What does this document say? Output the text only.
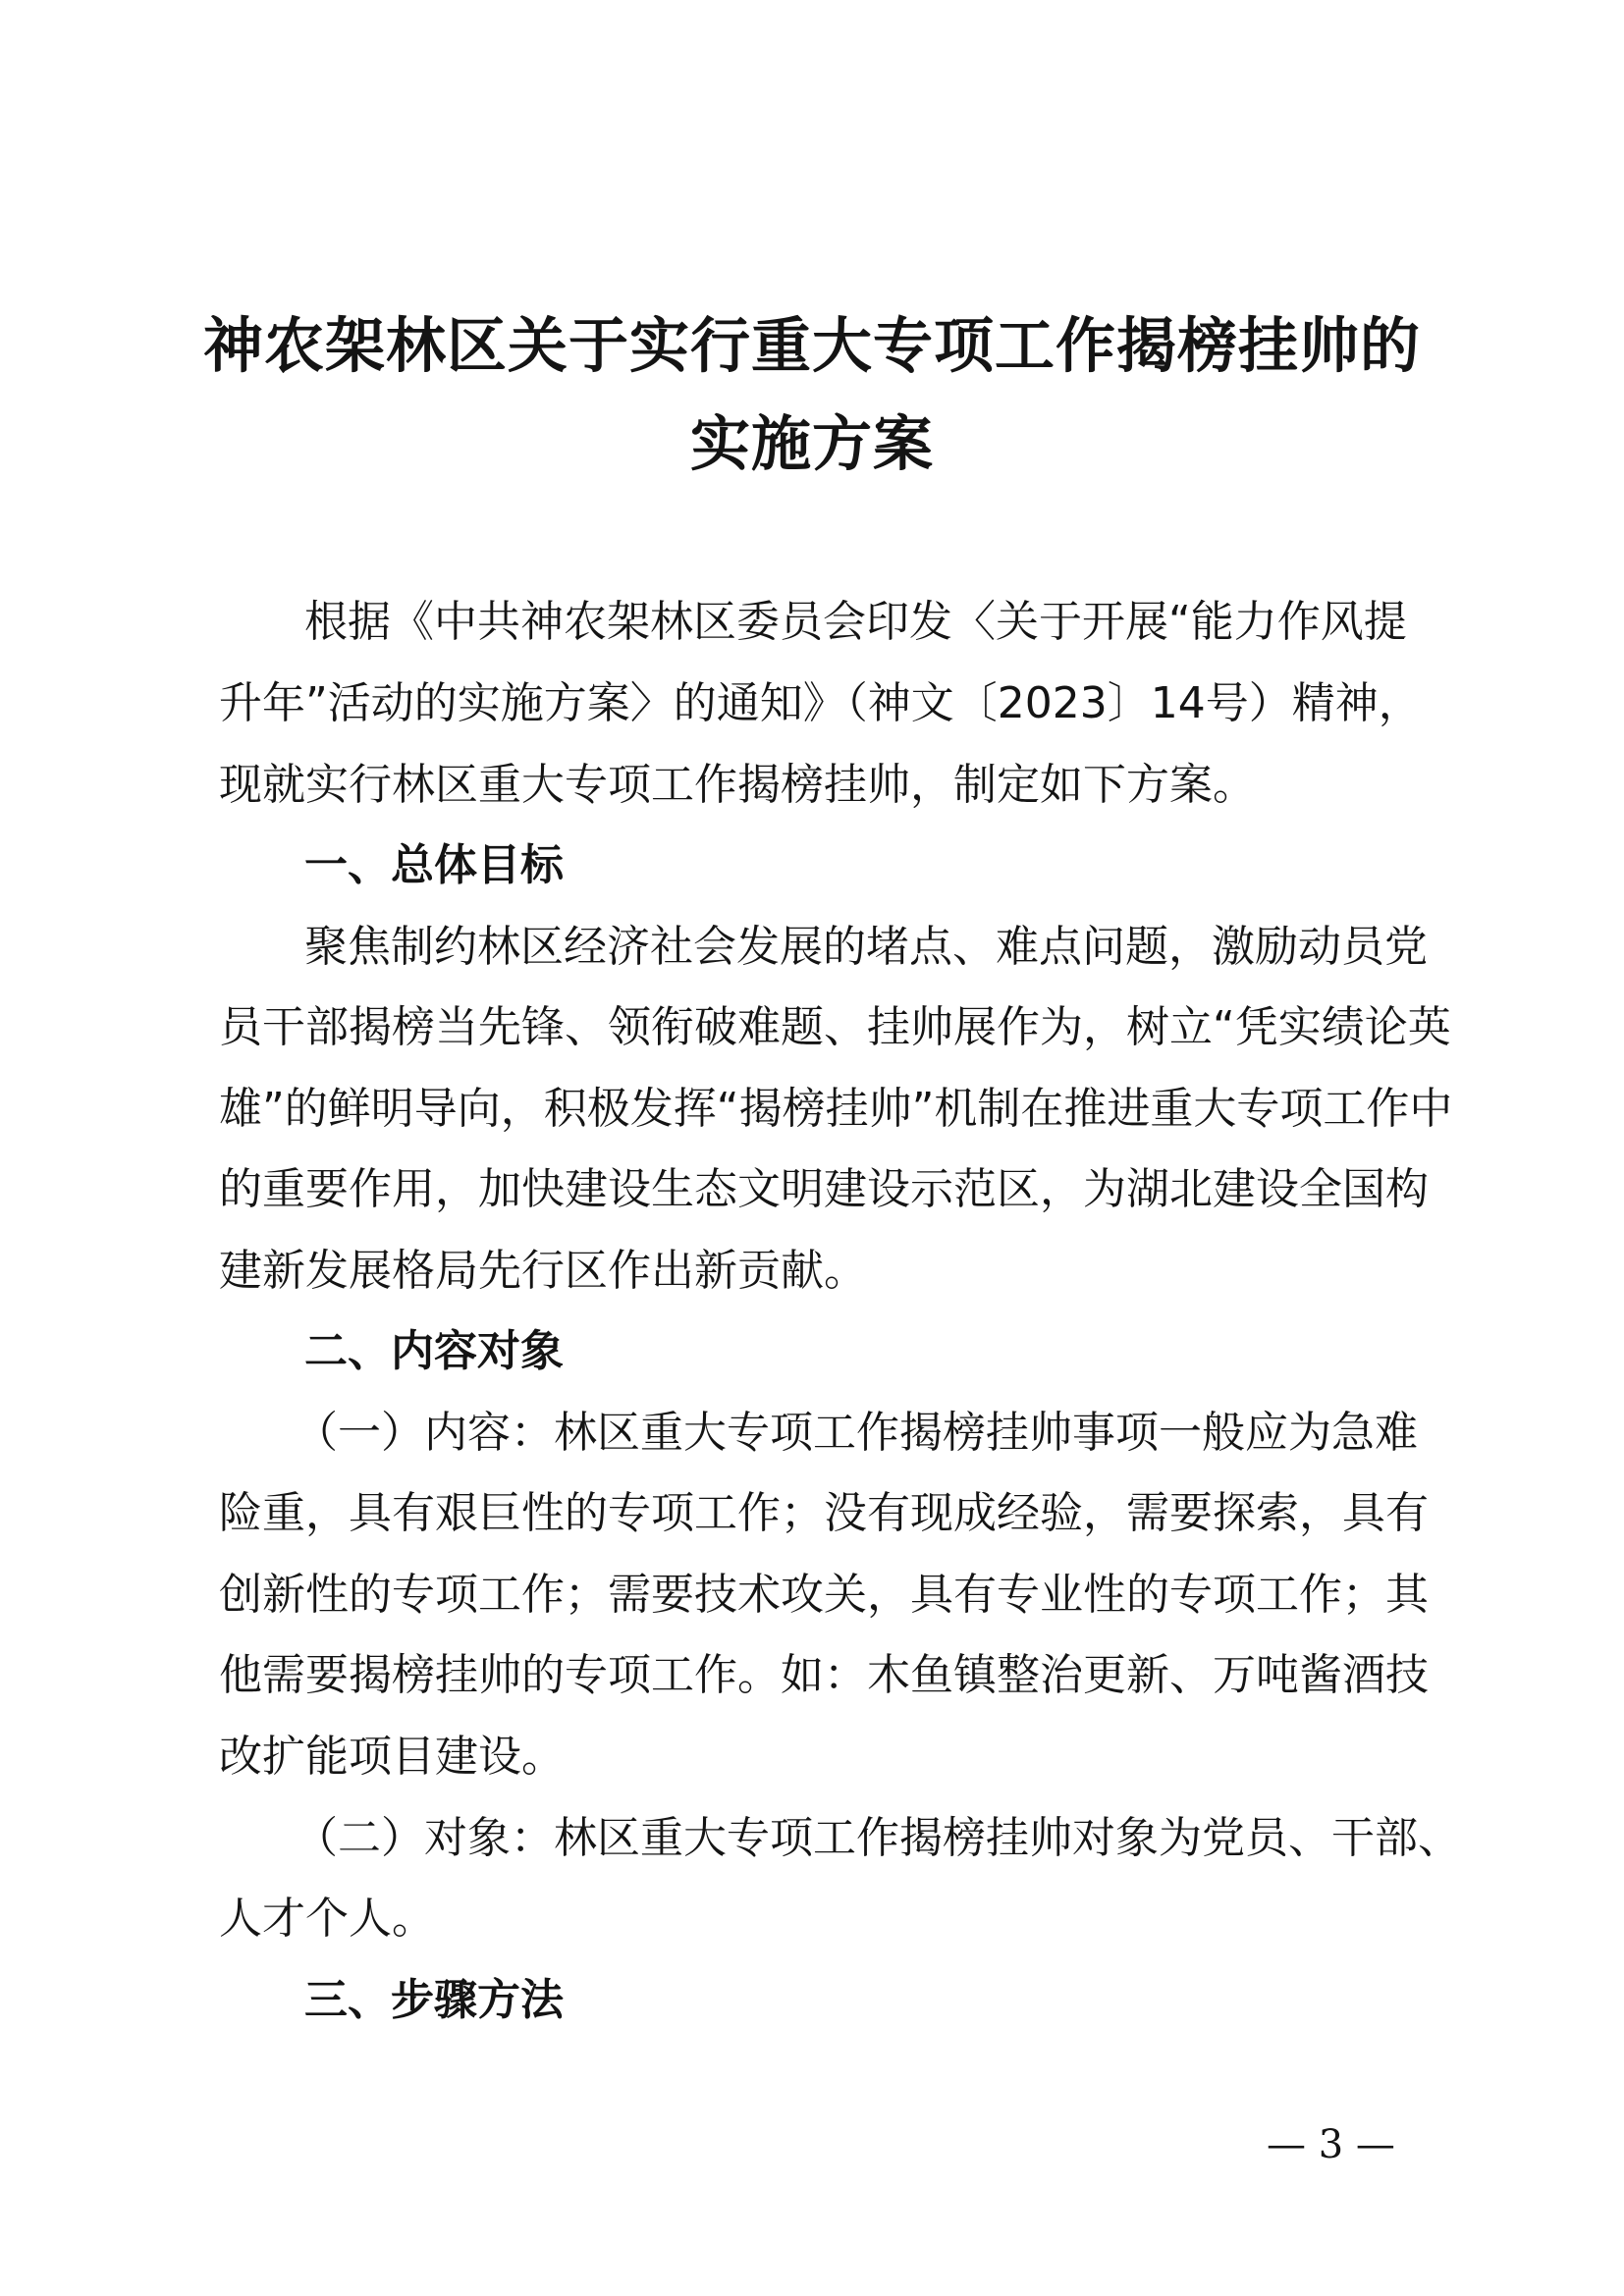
神农架林区关于实行重大专项工作揭榜挂帅的
实施方案
根据《中共神农架林区委员会印发〈关于开展“能力作风提
升年”活动的实施方案〉的通知》（神文〔2023〕14号）精神，
现就实行林区重大专项工作揭榜挂帅，制定如下方案。
一、总体目标
聚焦制约林区经济社会发展的堵点、难点问题，激励动员党
员干部揭榜当先锋、领衔破难题、挂帅展作为，树立“凭实绩论英
雄”的鲜明导向，积极发挥“揭榜挂帅”机制在推进重大专项工作中
的重要作用，加快建设生态文明建设示范区，为湖北建设全国构
建新发展格局先行区作出新贡献。
二、内容对象
（一）内容：林区重大专项工作揭榜挂帅事项一般应为急难
险重，具有艰巨性的专项工作；没有现成经验，需要探索，具有
创新性的专项工作；需要技术攻关，具有专业性的专项工作；其
他需要揭榜挂帅的专项工作。如：木鱼镇整治更新、万吨酱酒技
改扩能项目建设。
（二）对象：林区重大专项工作揭榜挂帅对象为党员、干部、
人才个人。
三、步骤方法
— 3 —
